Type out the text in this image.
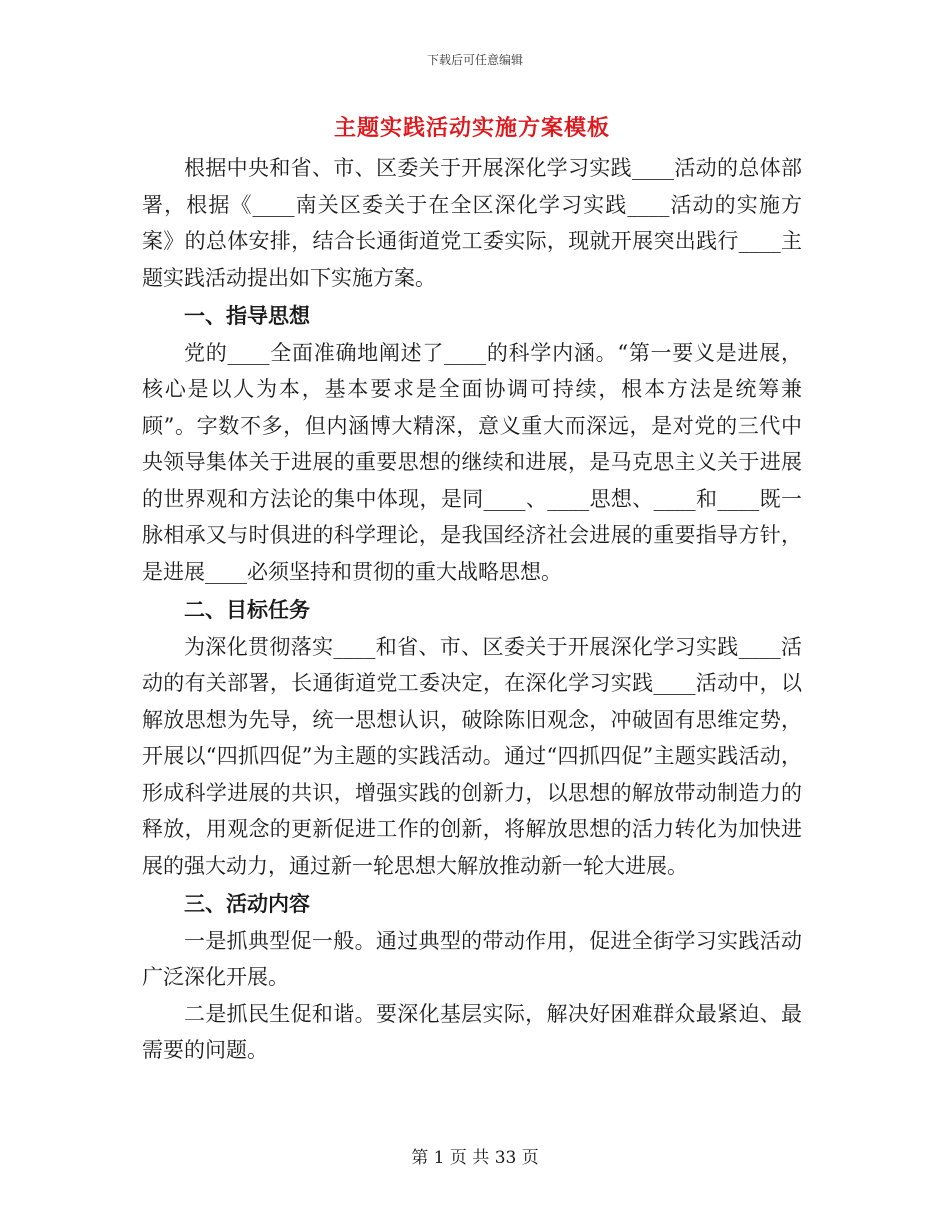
下载后可任意编辑
主题实践活动实施方案模板

根据中央和省、市、区委关于开展深化学习实践____活动的总体部署，根据《____南关区委关于在全区深化学习实践____活动的实施方案》的总体安排，结合长通街道党工委实际，现就开展突出践行____主题实践活动提出如下实施方案。

一、指导思想

党的____全面准确地阐述了____的科学内涵。“第一要义是进展，核心是以人为本，基本要求是全面协调可持续，根本方法是统筹兼顾”。字数不多，但内涵博大精深，意义重大而深远，是对党的三代中央领导集体关于进展的重要思想的继续和进展，是马克思主义关于进展的世界观和方法论的集中体现，是同____、____思想、____和____既一脉相承又与时俱进的科学理论，是我国经济社会进展的重要指导方针，是进展____必须坚持和贯彻的重大战略思想。

二、目标任务

为深化贯彻落实____和省、市、区委关于开展深化学习实践____活动的有关部署，长通街道党工委决定，在深化学习实践____活动中，以解放思想为先导，统一思想认识，破除陈旧观念，冲破固有思维定势，开展以“四抓四促”为主题的实践活动。通过“四抓四促”主题实践活动，形成科学进展的共识，增强实践的创新力，以思想的解放带动制造力的释放，用观念的更新促进工作的创新，将解放思想的活力转化为加快进展的强大动力，通过新一轮思想大解放推动新一轮大进展。

三、活动内容

一是抓典型促一般。通过典型的带动作用，促进全街学习实践活动广泛深化开展。

二是抓民生促和谐。要深化基层实际，解决好困难群众最紧迫、最需要的问题。

第 1 页 共 33 页
